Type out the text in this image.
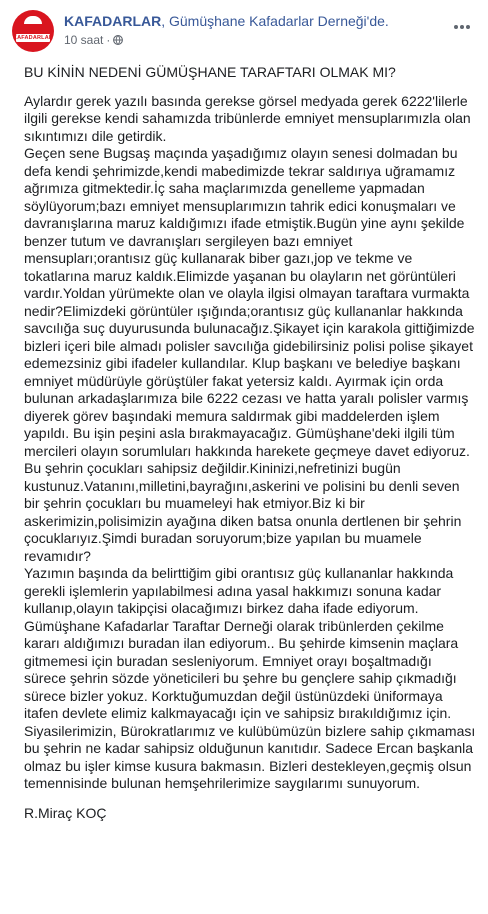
KAFADARLAR
KAFADARLAR, Gümüşhane Kafadarlar Derneği'de.
10 saat ·

BU KİNİN NEDENİ GÜMÜŞHANE TARAFTARI OLMAK MI?

Aylardır gerek yazılı basında gerekse görsel medyada gerek 6222'lilerle ilgili gerekse kendi sahamızda tribünlerde emniyet mensuplarımızla olan sıkıntımızı dile getirdik.

Geçen sene Bugsaş maçında yaşadığımız olayın senesi dolmadan bu defa kendi şehrimizde,kendi mabedimizde tekrar saldırıya uğramamız ağrımıza gitmektedir.İç saha maçlarımızda genelleme yapmadan söylüyorum;bazı emniyet mensuplarımızın tahrik edici konuşmaları ve davranışlarına maruz kaldığımızı ifade etmiştik.Bugün yine aynı şekilde benzer tutum ve davranışları sergileyen bazı emniyet mensupları;orantısız güç kullanarak biber gazı,jop ve tekme ve tokatlarına maruz kaldık.Elimizde yaşanan bu olayların net görüntüleri vardır.Yoldan yürümekte olan ve olayla ilgisi olmayan taraftara vurmakta nedir?Elimizdeki görüntüler ışığında;orantısız güç kullananlar hakkında savcılığa suç duyurusunda bulunacağız.Şikayet için karakola gittiğimizde bizleri içeri bile almadı polisler savcılığa gidebilirsiniz polisi polise şikayet edemezsiniz gibi ifadeler kullandılar. Klup başkanı ve belediye başkanı emniyet müdürüyle görüştüler fakat yetersiz kaldı. Ayırmak için orda bulunan arkadaşlarımıza bile 6222 cezası ve hatta yaralı polisler varmış diyerek görev başındaki memura saldırmak gibi maddelerden işlem yapıldı. Bu işin peşini asla bırakmayacağız. Gümüşhane'deki ilgili tüm mercileri olayın sorumluları hakkında harekete geçmeye davet ediyoruz.

Bu şehrin çocukları sahipsiz değildir.Kininizi,nefretinizi bugün kustunuz.Vatanını,milletini,bayrağını,askerini ve polisini bu denli seven bir şehrin çocukları bu muameleyi hak etmiyor.Biz ki bir askerimizin,polisimizin ayağına diken batsa onunla dertlenen bir şehrin çocuklarıyız.Şimdi buradan soruyorum;bize yapılan bu muamele revamıdır?

Yazımın başında da belirttiğim gibi orantısız güç kullananlar hakkında gerekli işlemlerin yapılabilmesi adına yasal hakkımızı sonuna kadar kullanıp,olayın takipçisi olacağımızı birkez daha ifade ediyorum.

Gümüşhane Kafadarlar Taraftar Derneği olarak tribünlerden çekilme kararı aldığımızı buradan ilan ediyorum.. Bu şehirde kimsenin maçlara gitmemesi için buradan sesleniyorum. Emniyet orayı boşaltmadığı sürece şehrin sözde yöneticileri bu şehre bu gençlere sahip çıkmadığı sürece bizler yokuz. Korktuğumuzdan değil üstünüzdeki üniformaya itafen devlete elimiz kalkmayacağı için ve sahipsiz bırakıldığımız için. Siyasilerimizin, Bürokratlarımız ve kulübümüzün bizlere sahip çıkmaması bu şehrin ne kadar sahipsiz olduğunun kanıtıdır. Sadece Ercan başkanla olmaz bu işler kimse kusura bakmasın. Bizleri destekleyen,geçmiş olsun temennisinde bulunan hemşehrilerimize saygılarımı sunuyorum.

R.Miraç KOÇ
